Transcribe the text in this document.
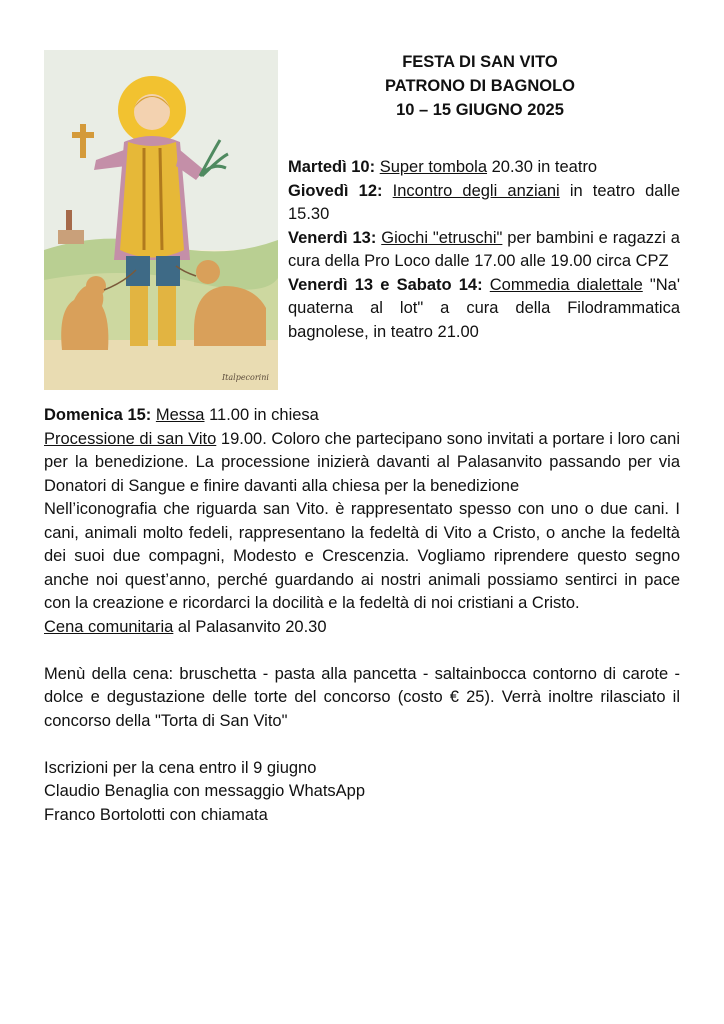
Italpecorini
FESTA DI SAN VITO
PATRONO DI BAGNOLO
10 – 15 GIUGNO 2025

Martedì 10: Super tombola 20.30 in teatro

Giovedì 12: Incontro degli anziani in teatro dalle 15.30

Venerdì 13: Giochi "etruschi" per bambini e ragazzi a cura della Pro Loco dalle 17.00 alle 19.00 circa CPZ

Venerdì 13 e Sabato 14: Commedia dialettale "Na' quaterna al lot" a cura della Filodrammatica bagnolese, in teatro 21.00

Domenica 15: Messa 11.00 in chiesa

Processione di san Vito 19.00. Coloro che partecipano sono invitati a portare i loro cani per la benedizione. La processione inizierà davanti al Palasanvito passando per via Donatori di Sangue e finire davanti alla chiesa per la benedizione

Nell’iconografia che riguarda san Vito. è rappresentato spesso con uno o due cani. I cani, animali molto fedeli, rappresentano la fedeltà di Vito a Cristo, o anche la fedeltà dei suoi due compagni, Modesto e Crescenzia. Vogliamo riprendere questo segno anche noi quest’anno, perché guardando ai nostri animali possiamo sentirci in pace con la creazione e ricordarci la docilità e la fedeltà di noi cristiani a Cristo.

Cena comunitaria al Palasanvito 20.30

Menù della cena: bruschetta - pasta alla pancetta - saltainbocca contorno di carote - dolce e degustazione delle torte del concorso (costo € 25). Verrà inoltre rilasciato il concorso della "Torta di San Vito"

Iscrizioni per la cena entro il 9 giugno

Claudio Benaglia con messaggio WhatsApp

Franco Bortolotti con chiamata
